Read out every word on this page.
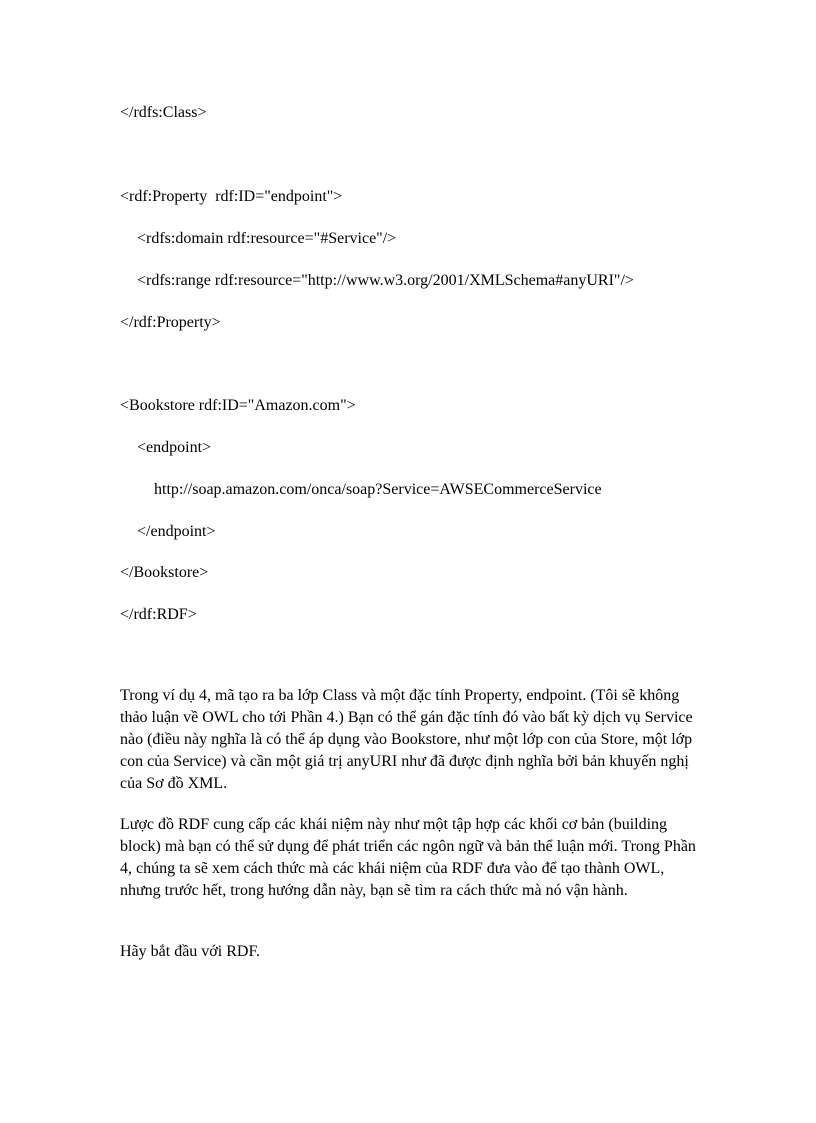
</rdfs:Class>
<rdf:Property  rdf:ID="endpoint">
<rdfs:domain rdf:resource="#Service"/>
<rdfs:range rdf:resource="http://www.w3.org/2001/XMLSchema#anyURI"/>
</rdf:Property>
<Bookstore rdf:ID="Amazon.com">
<endpoint>
http://soap.amazon.com/onca/soap?Service=AWSECommerceService
</endpoint>
</Bookstore>
</rdf:RDF>
Trong ví dụ 4, mã tạo ra ba lớp Class và một đặc tính Property, endpoint. (Tôi sẽ không thảo luận về OWL cho tới Phần 4.) Bạn có thể gán đặc tính đó vào bất kỳ dịch vụ Service nào (điều này nghĩa là có thể áp dụng vào Bookstore, như một lớp con của Store, một lớp con của Service) và cần một giá trị anyURI như đã được định nghĩa bởi bản khuyến nghị của Sơ đồ XML.
Lược đồ RDF cung cấp các khái niệm này như một tập hợp các khối cơ bản (building block) mà bạn có thể sử dụng để phát triển các ngôn ngữ và bản thể luận mới. Trong Phần 4, chúng ta sẽ xem cách thức mà các khái niệm của RDF đưa vào để tạo thành OWL, nhưng trước hết, trong hướng dẫn này, bạn sẽ tìm ra cách thức mà nó vận hành.
Hãy bắt đầu với RDF.
